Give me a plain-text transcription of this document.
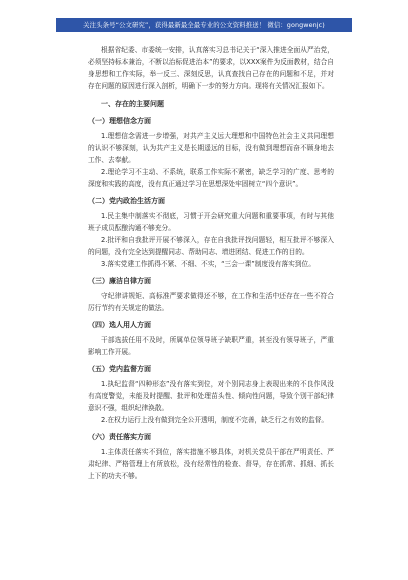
关注头条号“公文研究”，获得最新最全最专业的公文资料推送！ 微信：gongwenjc)

根据省纪委、市委统一安排，认真落实习总书记关于“深入推进全面从严治党，必须坚持标本兼治，不断以治标促进治本”的要求，以XXX案件为反面教材，结合自身思想和工作实际，举一反三、深刻反思，认真查找自己存在的问题和不足，并对存在问题的原因进行深入剖析，明确下一步的努力方向。现将有关情况汇报如下。

一、存在的主要问题
（一）理想信念方面

1.理想信念需进一步增强，对共产主义远大理想和中国特色社会主义共同理想的认识不够深刻，认为共产主义是长期遥远的目标，没有做到理想而奋不顾身地去工作、去奉献。

2.理论学习不主动、不系统，联系工作实际不紧密，缺乏学习的广度、思考的深度和实践的高度，没有真正通过学习在思想深处牢固树立“四个意识”。

（二）党内政治生活方面

1.民主集中制落实不彻底，习惯于开会研究重大问题和重要事项，有时与其他班子成员酝酿沟通不够充分。

2.批评和自我批评开展不够深入，存在自我批评找问题轻，相互批评不够深入的问题，没有完全达到提醒同志、帮助同志、增进团结、促进工作的目的。

3.落实党建工作抓得不紧、不细、不实，“三会一课”制度没有落实到位。

（三）廉洁自律方面

守纪律讲规矩、高标准严要求做得还不够，在工作和生活中还存在一些不符合厉行节约有关规定的做法。

（四）选人用人方面

干部选拔任用不及时，所属单位领导班子缺职严重，甚至没有领导班子，严重影响工作开展。

（五）党内监督方面

1.执纪监督“四种形态”没有落实到位，对个别同志身上表现出来的不良作风没有高度警觉，未能及时提醒、批评和处理苗头性、倾向性问题，导致个别干部纪律意识不强，组织纪律涣散。

2.在权力运行上没有做到完全公开透明，制度不完善，缺乏行之有效的监督。

（六）责任落实方面

1.主体责任落实不到位，落实措施不够具体，对机关党员干部在严明责任、严肃纪律、严格管理上有所放松，没有经常性的检查、督导，存在抓常、抓细、抓长上下的功夫不够。
